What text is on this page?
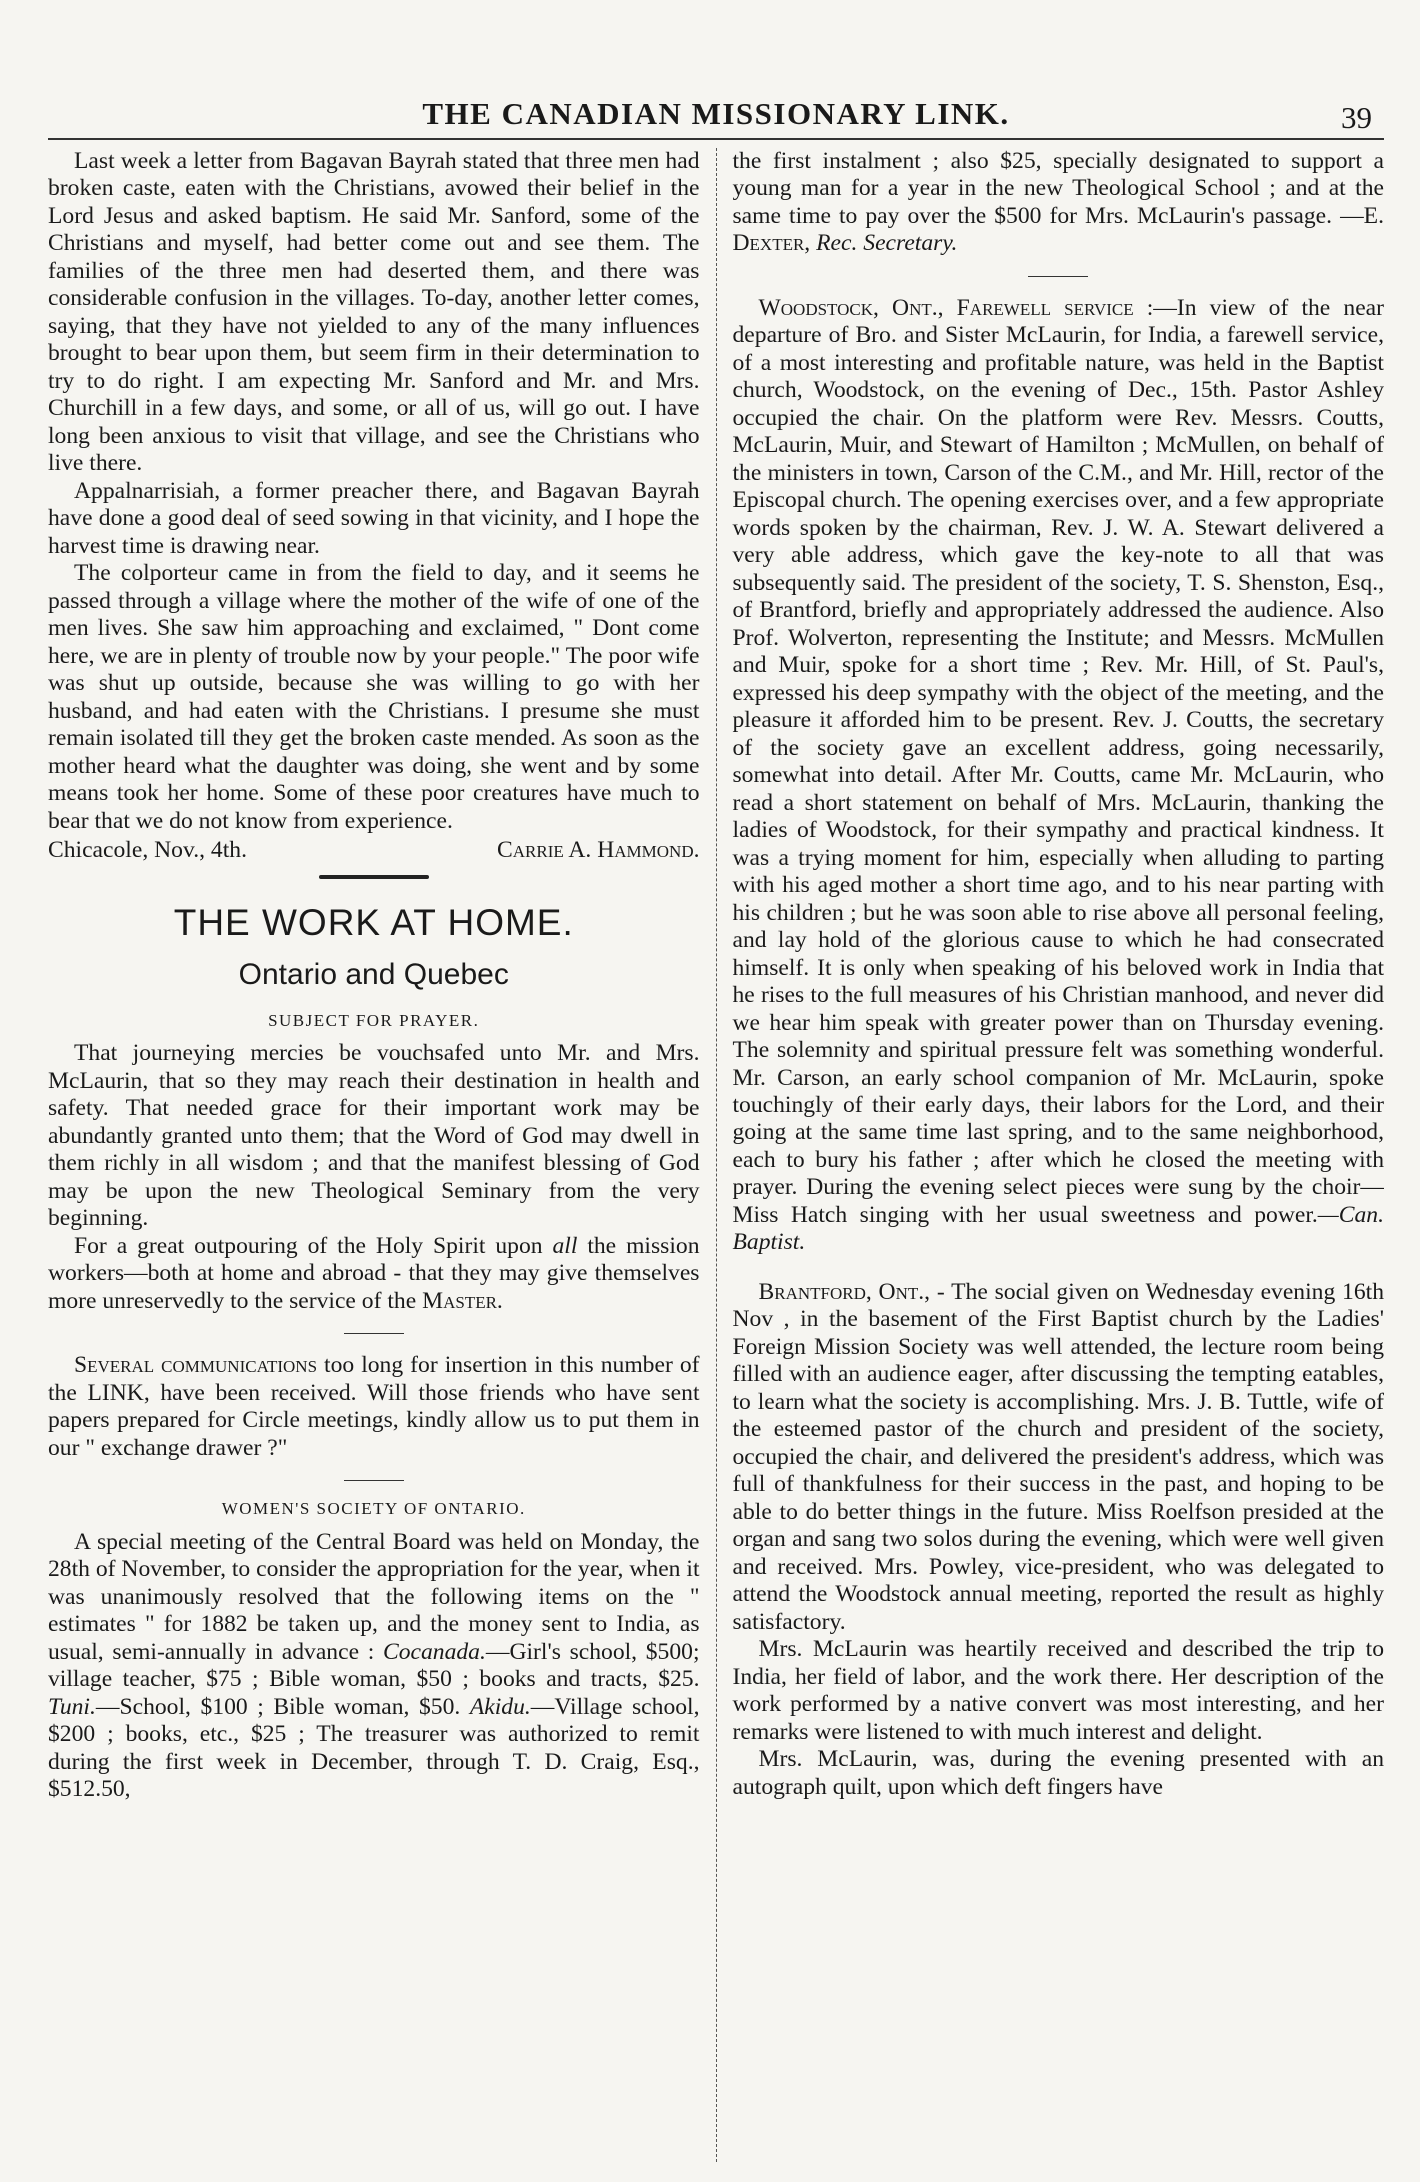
THE CANADIAN MISSIONARY LINK.	39

Last week a letter from Bagavan Bayrah stated that three men had broken caste, eaten with the Christians, avowed their belief in the Lord Jesus and asked baptism. He said Mr. Sanford, some of the Christians and myself, had better come out and see them. The families of the three men had deserted them, and there was considerable confusion in the villages. To-day, another letter comes, saying, that they have not yielded to any of the many influences brought to bear upon them, but seem firm in their determination to try to do right. I am expecting Mr. Sanford and Mr. and Mrs. Churchill in a few days, and some, or all of us, will go out. I have long been anxious to visit that village, and see the Christians who live there.

Appalnarrisiah, a former preacher there, and Bagavan Bayrah have done a good deal of seed sowing in that vicinity, and I hope the harvest time is drawing near.

The colporteur came in from the field to day, and it seems he passed through a village where the mother of the wife of one of the men lives. She saw him approaching and exclaimed, " Dont come here, we are in plenty of trouble now by your people." The poor wife was shut up outside, because she was willing to go with her husband, and had eaten with the Christians. I presume she must remain isolated till they get the broken caste mended. As soon as the mother heard what the daughter was doing, she went and by some means took her home. Some of these poor creatures have much to bear that we do not know from experience.

Chicacole, Nov., 4th.	Carrie A. Hammond.
THE WORK AT HOME.
Ontario and Quebec
SUBJECT FOR PRAYER.

That journeying mercies be vouchsafed unto Mr. and Mrs. McLaurin, that so they may reach their destination in health and safety. That needed grace for their important work may be abundantly granted unto them; that the Word of God may dwell in them richly in all wisdom ; and that the manifest blessing of God may be upon the new Theological Seminary from the very beginning.

For a great outpouring of the Holy Spirit upon all the mission workers—both at home and abroad - that they may give themselves more unreservedly to the service of the Master.

Several communications too long for insertion in this number of the LINK, have been received. Will those friends who have sent papers prepared for Circle meetings, kindly allow us to put them in our " exchange drawer ?"

WOMEN'S SOCIETY OF ONTARIO.

A special meeting of the Central Board was held on Monday, the 28th of November, to consider the appropriation for the year, when it was unanimously resolved that the following items on the " estimates " for 1882 be taken up, and the money sent to India, as usual, semi-annually in advance : Cocanada.—Girl's school, $500; village teacher, $75 ; Bible woman, $50 ; books and tracts, $25. Tuni.—School, $100 ; Bible woman, $50. Akidu.—Village school, $200 ; books, etc., $25 ; The treasurer was authorized to remit during the first week in December, through T. D. Craig, Esq., $512.50,

the first instalment ; also $25, specially designated to support a young man for a year in the new Theological School ; and at the same time to pay over the $500 for Mrs. McLaurin's passage. —E. Dexter, Rec. Secretary.

Woodstock, Ont., Farewell service :—In view of the near departure of Bro. and Sister McLaurin, for India, a farewell service, of a most interesting and profitable nature, was held in the Baptist church, Woodstock, on the evening of Dec., 15th. Pastor Ashley occupied the chair. On the platform were Rev. Messrs. Coutts, McLaurin, Muir, and Stewart of Hamilton ; McMullen, on behalf of the ministers in town, Carson of the C.M., and Mr. Hill, rector of the Episcopal church. The opening exercises over, and a few appropriate words spoken by the chairman, Rev. J. W. A. Stewart delivered a very able address, which gave the key-note to all that was subsequently said. The president of the society, T. S. Shenston, Esq., of Brantford, briefly and appropriately addressed the audience. Also Prof. Wolverton, representing the Institute; and Messrs. McMullen and Muir, spoke for a short time ; Rev. Mr. Hill, of St. Paul's, expressed his deep sympathy with the object of the meeting, and the pleasure it afforded him to be present. Rev. J. Coutts, the secretary of the society gave an excellent address, going necessarily, somewhat into detail. After Mr. Coutts, came Mr. McLaurin, who read a short statement on behalf of Mrs. McLaurin, thanking the ladies of Woodstock, for their sympathy and practical kindness. It was a trying moment for him, especially when alluding to parting with his aged mother a short time ago, and to his near parting with his children ; but he was soon able to rise above all personal feeling, and lay hold of the glorious cause to which he had consecrated himself. It is only when speaking of his beloved work in India that he rises to the full measures of his Christian manhood, and never did we hear him speak with greater power than on Thursday evening. The solemnity and spiritual pressure felt was something wonderful. Mr. Carson, an early school companion of Mr. McLaurin, spoke touchingly of their early days, their labors for the Lord, and their going at the same time last spring, and to the same neighborhood, each to bury his father ; after which he closed the meeting with prayer. During the evening select pieces were sung by the choir— Miss Hatch singing with her usual sweetness and power.—Can. Baptist.

Brantford, Ont., - The social given on Wednesday evening 16th Nov , in the basement of the First Baptist church by the Ladies' Foreign Mission Society was well attended, the lecture room being filled with an audience eager, after discussing the tempting eatables, to learn what the society is accomplishing. Mrs. J. B. Tuttle, wife of the esteemed pastor of the church and president of the society, occupied the chair, and delivered the president's address, which was full of thankfulness for their success in the past, and hoping to be able to do better things in the future. Miss Roelfson presided at the organ and sang two solos during the evening, which were well given and received. Mrs. Powley, vice-president, who was delegated to attend the Woodstock annual meeting, reported the result as highly satisfactory.

Mrs. McLaurin was heartily received and described the trip to India, her field of labor, and the work there. Her description of the work performed by a native convert was most interesting, and her remarks were listened to with much interest and delight.

Mrs. McLaurin, was, during the evening presented with an autograph quilt, upon which deft fingers have
